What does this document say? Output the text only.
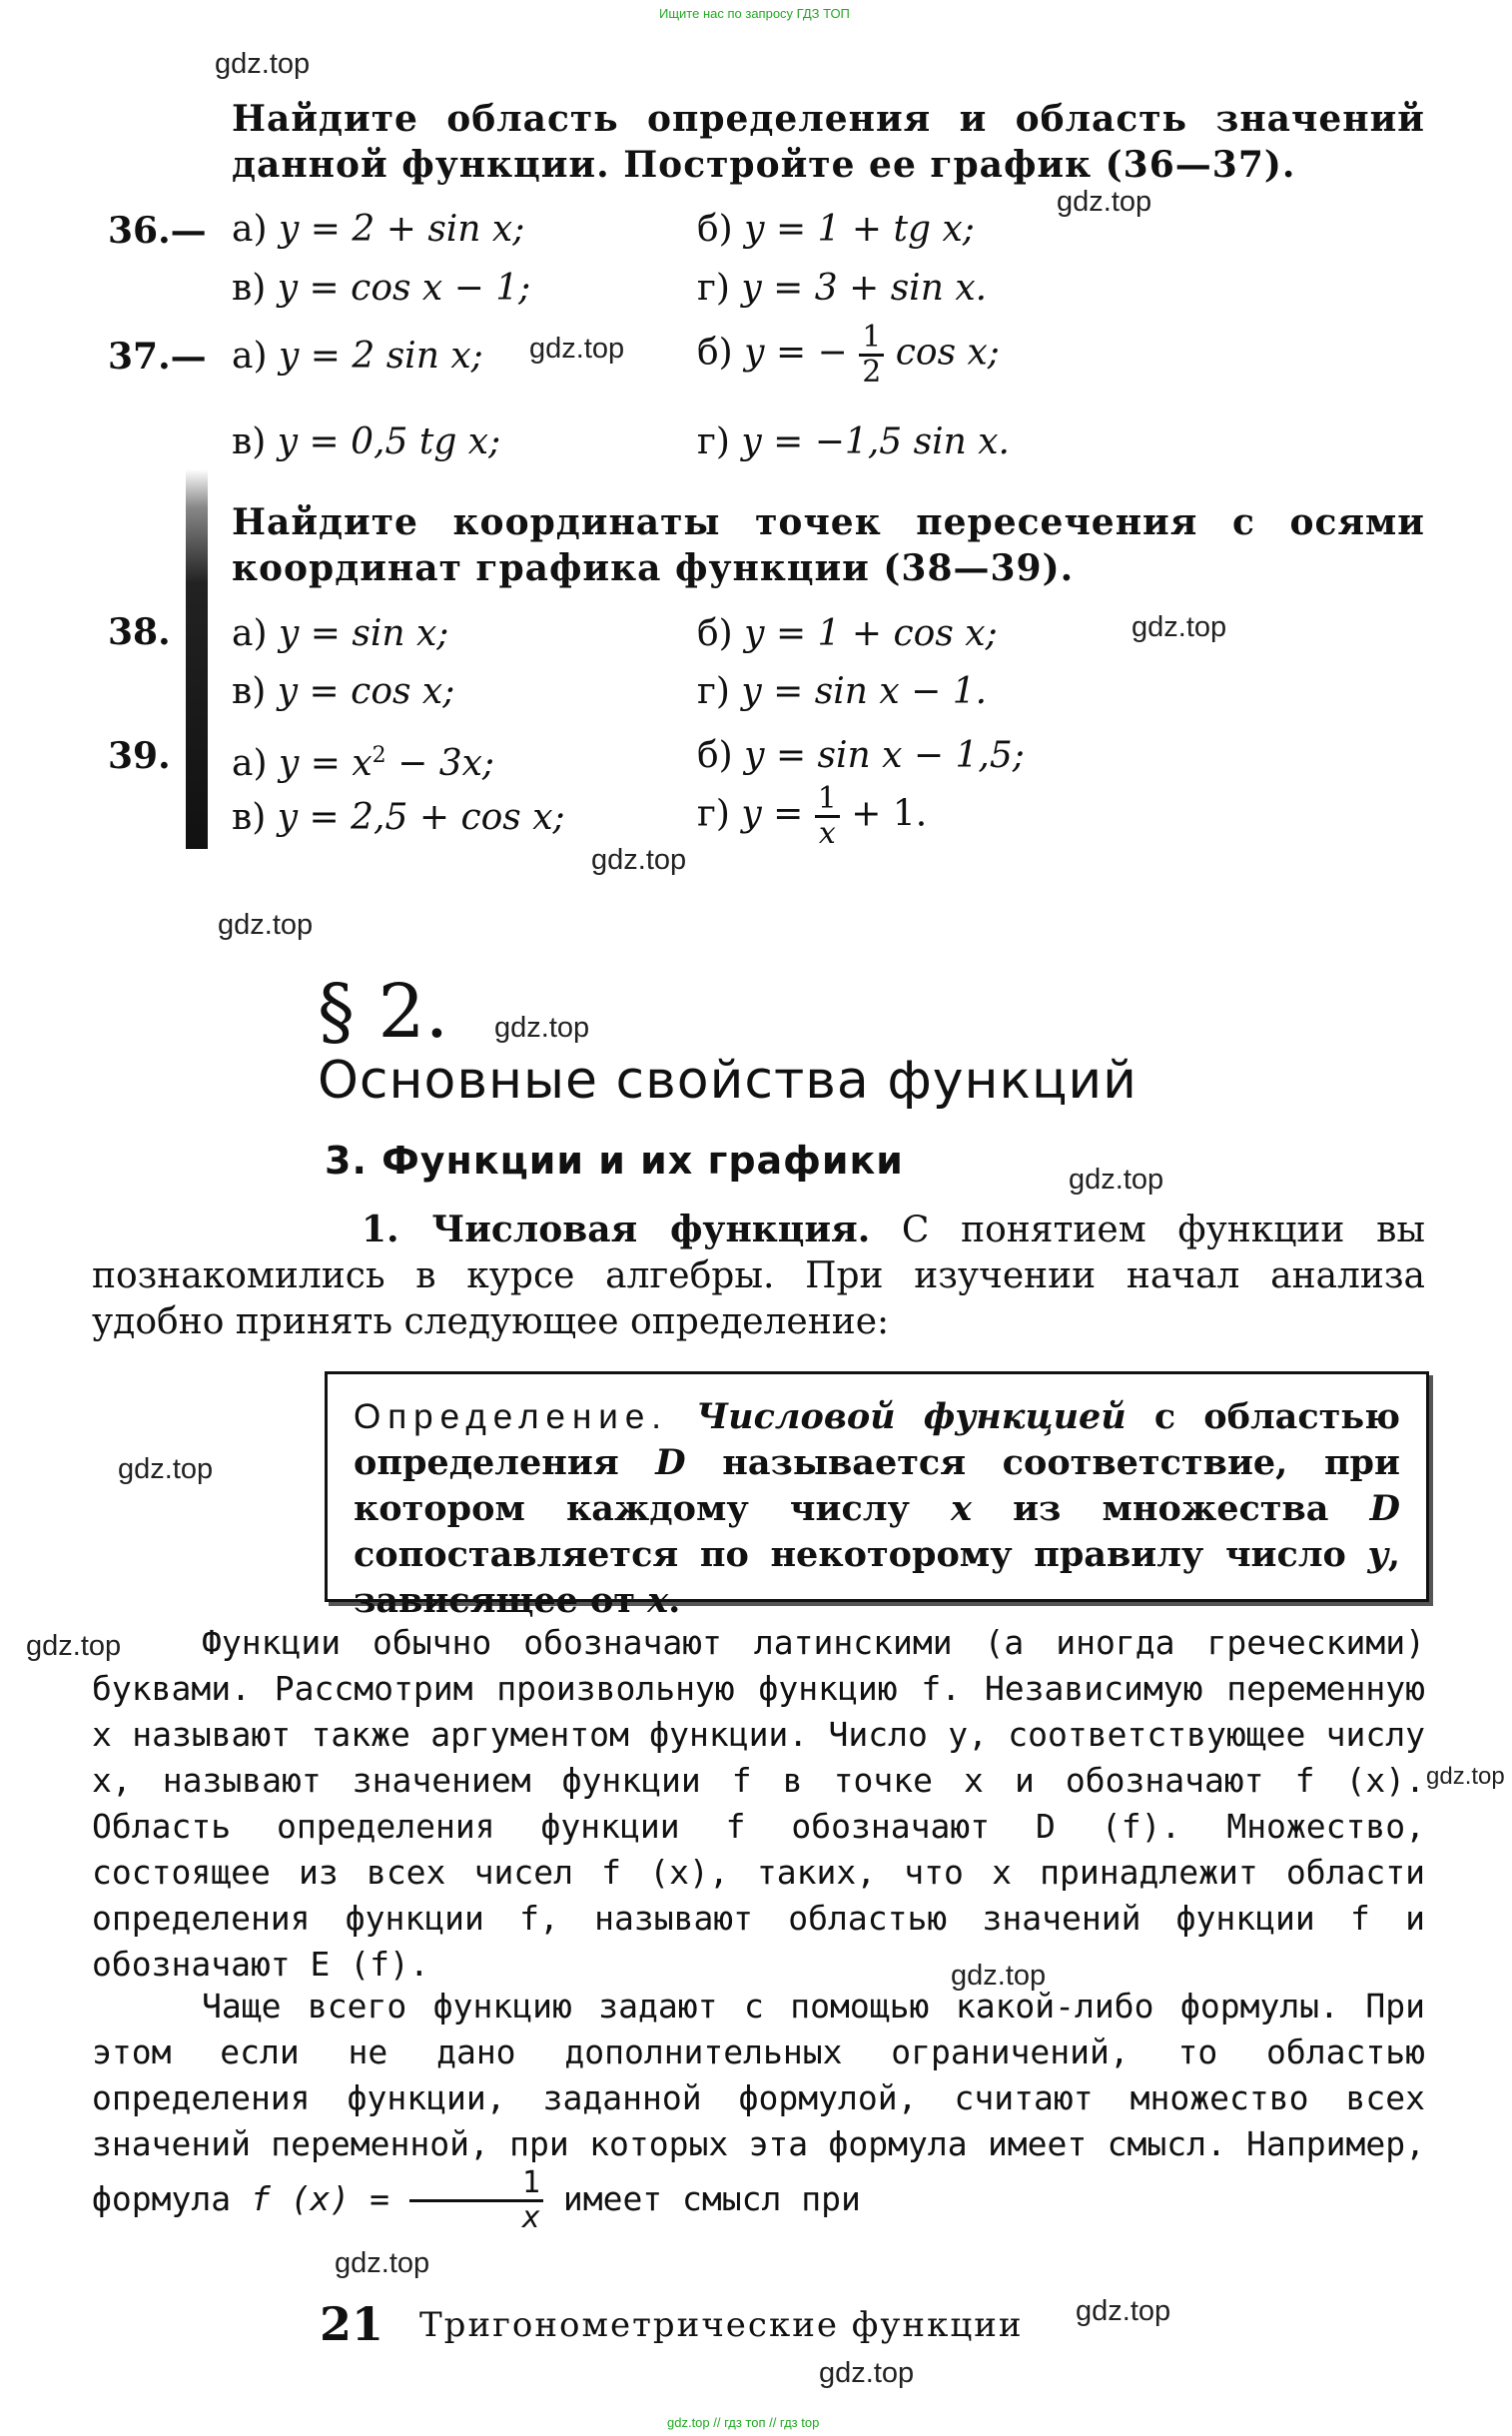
Ищите нас по запросу ГДЗ ТОП
gdz.top
gdz.top
gdz.top
gdz.top
gdz.top
gdz.top
gdz.top
gdz.top
gdz.top
gdz.top
gdz.top
gdz.top
gdz.top
gdz.top
gdz.top
Найдите область определения и область значений данной функции. Постройте ее график (36—37).
36.— а) y = 2 + sin x;	б) y = 1 + tg x;
в) y = cos x − 1;	г) y = 3 + sin x.
37.— а) y = 2 sin x;	б) y = − $\frac{1}{2}$ cos x;
в) y = 0,5 tg x;	г) y = −1,5 sin x.
Найдите координаты точек пересечения с осями координат графика функции (38—39).
38. а) y = sin x;	б) y = 1 + cos x;
в) y = cos x;	г) y = sin x − 1.
39. а) $y = x^2 - 3x$;	б) y = sin x − 1,5;
в) y = 2,5 + cos x;	г) $y = \frac{1}{x} + 1$.
§ 2.
Основные свойства функций
3. Функции и их графики
1. Числовая функция. С понятием функции вы познакомились в курсе алгебры. При изучении начал анализа удобно принять следующее определение:

Определение. Числовой функцией с областью определения D называется соответствие, при котором каждому числу x из множества D сопоставляется по некоторому правилу число y, зависящее от x.

Функции обычно обозначают латинскими (а иногда греческими) буквами. Рассмотрим произвольную функцию f. Независимую переменную x называют также аргументом функции. Число y, соответствующее числу x, называют значением функции f в точке x и обозначают f (x). Область определения функции f обозначают D (f). Множество, состоящее из всех чисел f (x), таких, что x принадлежит области определения функции f, называют областью значений функции f и обозначают E (f).
Чаще всего функцию задают с помощью какой-либо формулы. При этом если не дано дополнительных ограничений, то областью определения функции, заданной формулой, считают множество всех значений переменной, при которых эта формула имеет смысл. Например, формула f $(x) = \frac{1}{x}$ имеет смысл при
21 Тригонометрические функции
gdz.top // гдз топ // гдз top
